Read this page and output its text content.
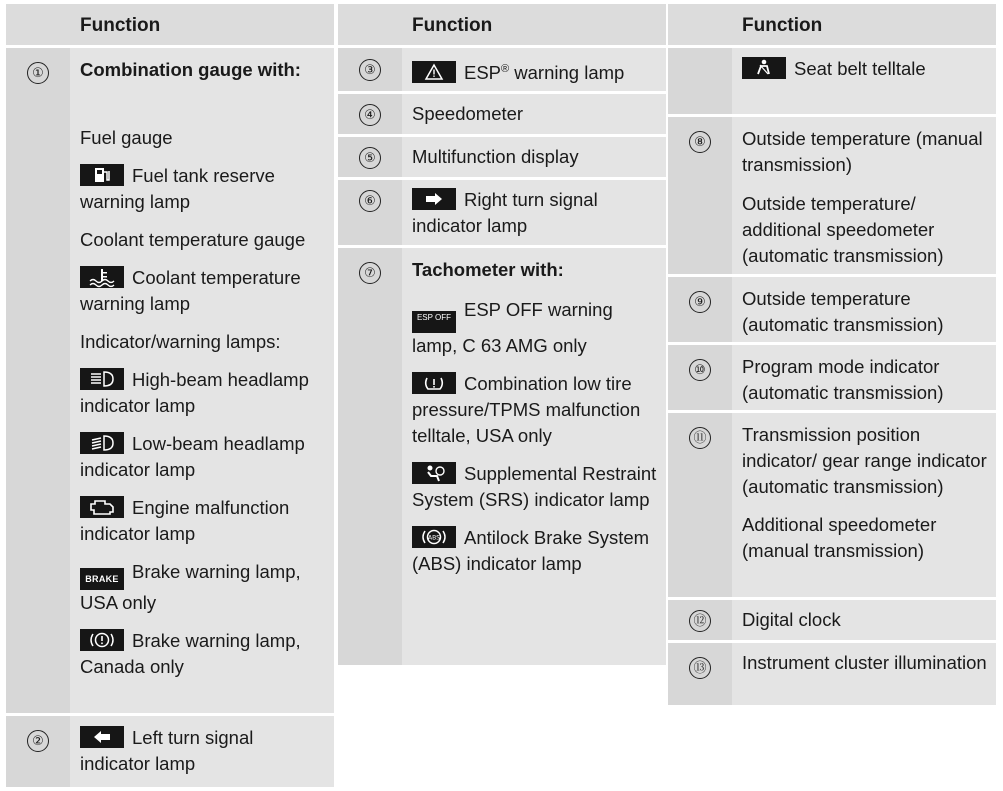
Function
① Combination gauge with:
Fuel gauge
Fuel tank reserve warning lamp
Coolant temperature gauge
Coolant temperature warning lamp
Indicator/warning lamps:
High-beam headlamp indicator lamp
Low-beam headlamp indicator lamp
Engine malfunction indicator lamp
BRAKE Brake warning lamp, USA only
Brake warning lamp, Canada only
②	Left turn signal indicator lamp
Function
③	ESP® warning lamp
④ Speedometer
⑤ Multifunction display
⑥	Right turn signal indicator lamp
⑦ Tachometer with:
ESP OFF ESP OFF warning lamp, C 63 AMG only
Combination low tire pressure/TPMS malfunction telltale, USA only
Supplemental Restraint System (SRS) indicator lamp
ABS Antilock Brake System (ABS) indicator lamp
Function
Seat belt telltale
⑧ Outside temperature (manual transmission)
Outside temperature/ additional speedometer (automatic transmission)
⑨ Outside temperature (automatic transmission)
⑩ Program mode indicator (automatic transmission)
⑪ Transmission position indicator/ gear range indicator (automatic transmission)
Additional speedometer (manual transmission)
⑫ Digital clock
⑬ Instrument cluster illumination
